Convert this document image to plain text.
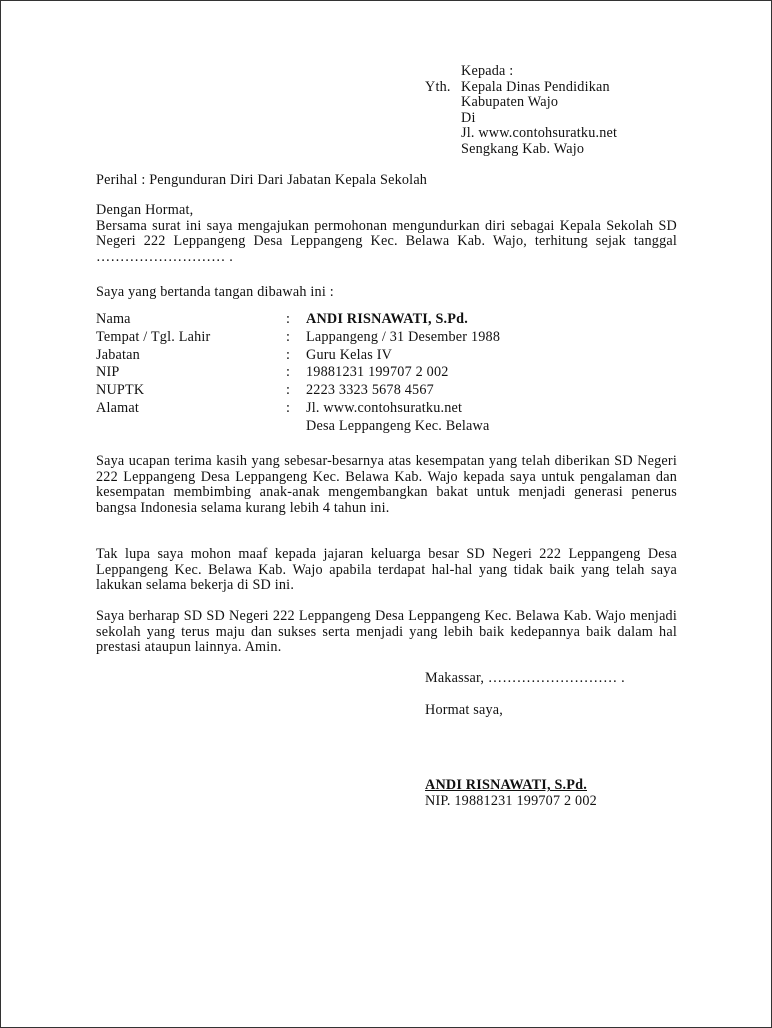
Kepada :
Yth. Kepala Dinas Pendidikan
Kabupaten Wajo
Di
Jl. www.contohsuratku.net
Sengkang Kab. Wajo
Perihal : Pengunduran Diri Dari Jabatan Kepala Sekolah
Dengan Hormat,
Bersama surat ini saya mengajukan permohonan mengundurkan diri sebagai Kepala Sekolah SD Negeri 222 Leppangeng Desa Leppangeng Kec. Belawa Kab. Wajo, terhitung sejak tanggal ……………………… .
Saya yang bertanda tangan dibawah ini :
Nama	:	ANDI RISNAWATI, S.Pd.
Tempat / Tgl. Lahir	:	Lappangeng / 31 Desember 1988
Jabatan	:	Guru Kelas IV
NIP	:	19881231 199707 2 002
NUPTK	:	2223 3323 5678 4567
Alamat	:	Jl. www.contohsuratku.net
		Desa Leppangeng Kec. Belawa
Saya ucapan terima kasih yang sebesar-besarnya atas kesempatan yang telah diberikan SD Negeri 222 Leppangeng Desa Leppangeng Kec. Belawa Kab. Wajo kepada saya untuk pengalaman dan kesempatan membimbing anak-anak mengembangkan bakat untuk menjadi generasi penerus bangsa Indonesia selama kurang lebih 4 tahun ini.
Tak lupa saya mohon maaf kepada jajaran keluarga besar SD Negeri 222 Leppangeng Desa Leppangeng Kec. Belawa Kab. Wajo apabila terdapat hal-hal yang tidak baik yang telah saya lakukan selama bekerja di SD ini.
Saya berharap SD SD Negeri 222 Leppangeng Desa Leppangeng Kec. Belawa Kab. Wajo menjadi sekolah yang terus maju dan sukses serta menjadi yang lebih baik kedepannya baik dalam hal prestasi ataupun lainnya. Amin.
Makassar, ……………………… .
Hormat saya,
ANDI RISNAWATI, S.Pd.
NIP. 19881231 199707 2 002
